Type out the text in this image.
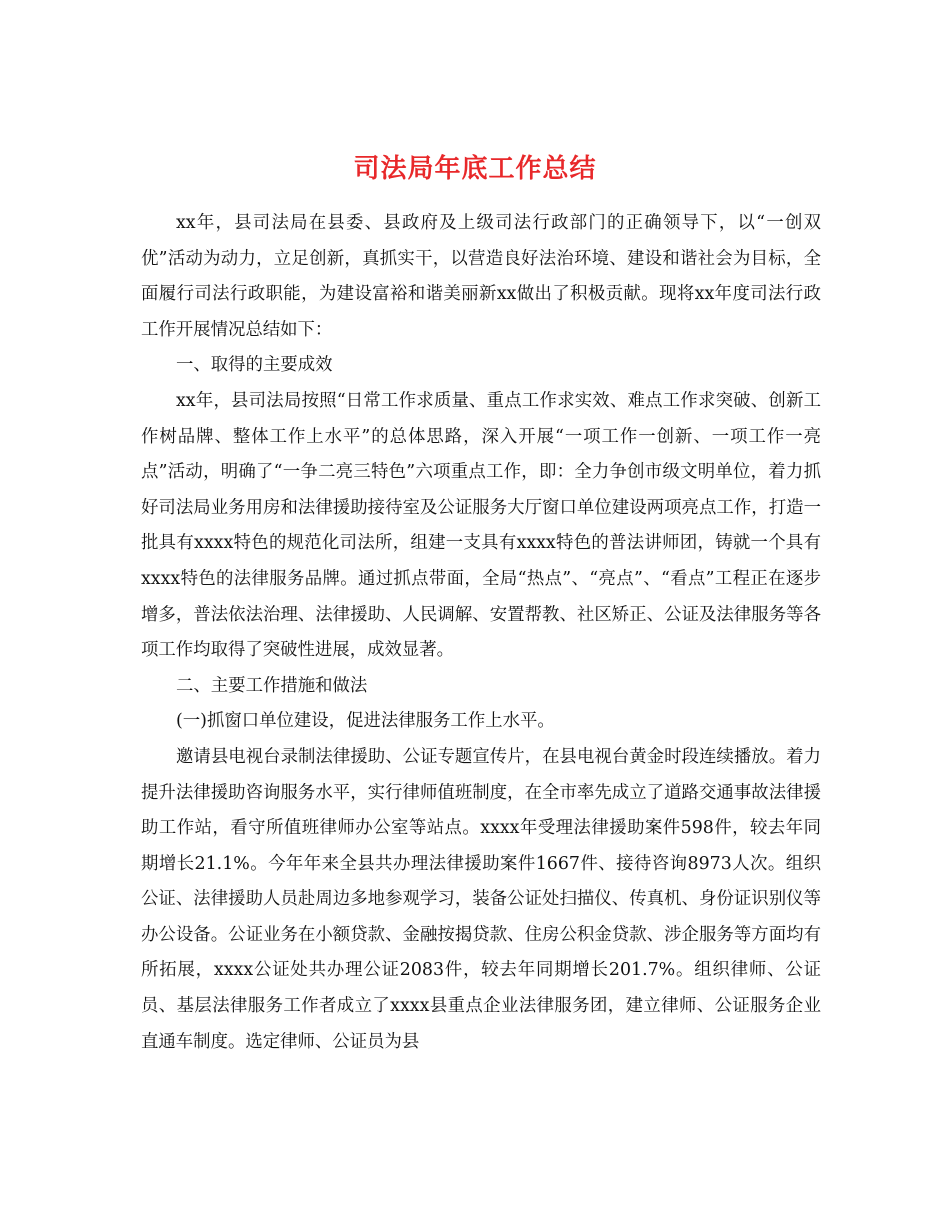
司法局年底工作总结

xx年，县司法局在县委、县政府及上级司法行政部门的正确领导下，以“一创双优”活动为动力，立足创新，真抓实干，以营造良好法治环境、建设和谐社会为目标，全面履行司法行政职能，为建设富裕和谐美丽新xx做出了积极贡献。现将xx年度司法行政工作开展情况总结如下：

一、取得的主要成效

xx年，县司法局按照“日常工作求质量、重点工作求实效、难点工作求突破、创新工作树品牌、整体工作上水平”的总体思路，深入开展“一项工作一创新、一项工作一亮点”活动，明确了“一争二亮三特色”六项重点工作，即：全力争创市级文明单位，着力抓好司法局业务用房和法律援助接待室及公证服务大厅窗口单位建设两项亮点工作，打造一批具有xxxx特色的规范化司法所，组建一支具有xxxx特色的普法讲师团，铸就一个具有xxxx特色的法律服务品牌。通过抓点带面，全局“热点”、“亮点”、“看点”工程正在逐步增多，普法依法治理、法律援助、人民调解、安置帮教、社区矫正、公证及法律服务等各项工作均取得了突破性进展，成效显著。

二、主要工作措施和做法

(一)抓窗口单位建设，促进法律服务工作上水平。

邀请县电视台录制法律援助、公证专题宣传片，在县电视台黄金时段连续播放。着力提升法律援助咨询服务水平，实行律师值班制度，在全市率先成立了道路交通事故法律援助工作站，看守所值班律师办公室等站点。xxxx年受理法律援助案件598件，较去年同期增长21.1%。今年年来全县共办理法律援助案件1667件、接待咨询8973人次。组织公证、法律援助人员赴周边多地参观学习，装备公证处扫描仪、传真机、身份证识别仪等办公设备。公证业务在小额贷款、金融按揭贷款、住房公积金贷款、涉企服务等方面均有所拓展，xxxx公证处共办理公证2083件，较去年同期增长201.7%。组织律师、公证员、基层法律服务工作者成立了xxxx县重点企业法律服务团，建立律师、公证服务企业直通车制度。选定律师、公证员为县
